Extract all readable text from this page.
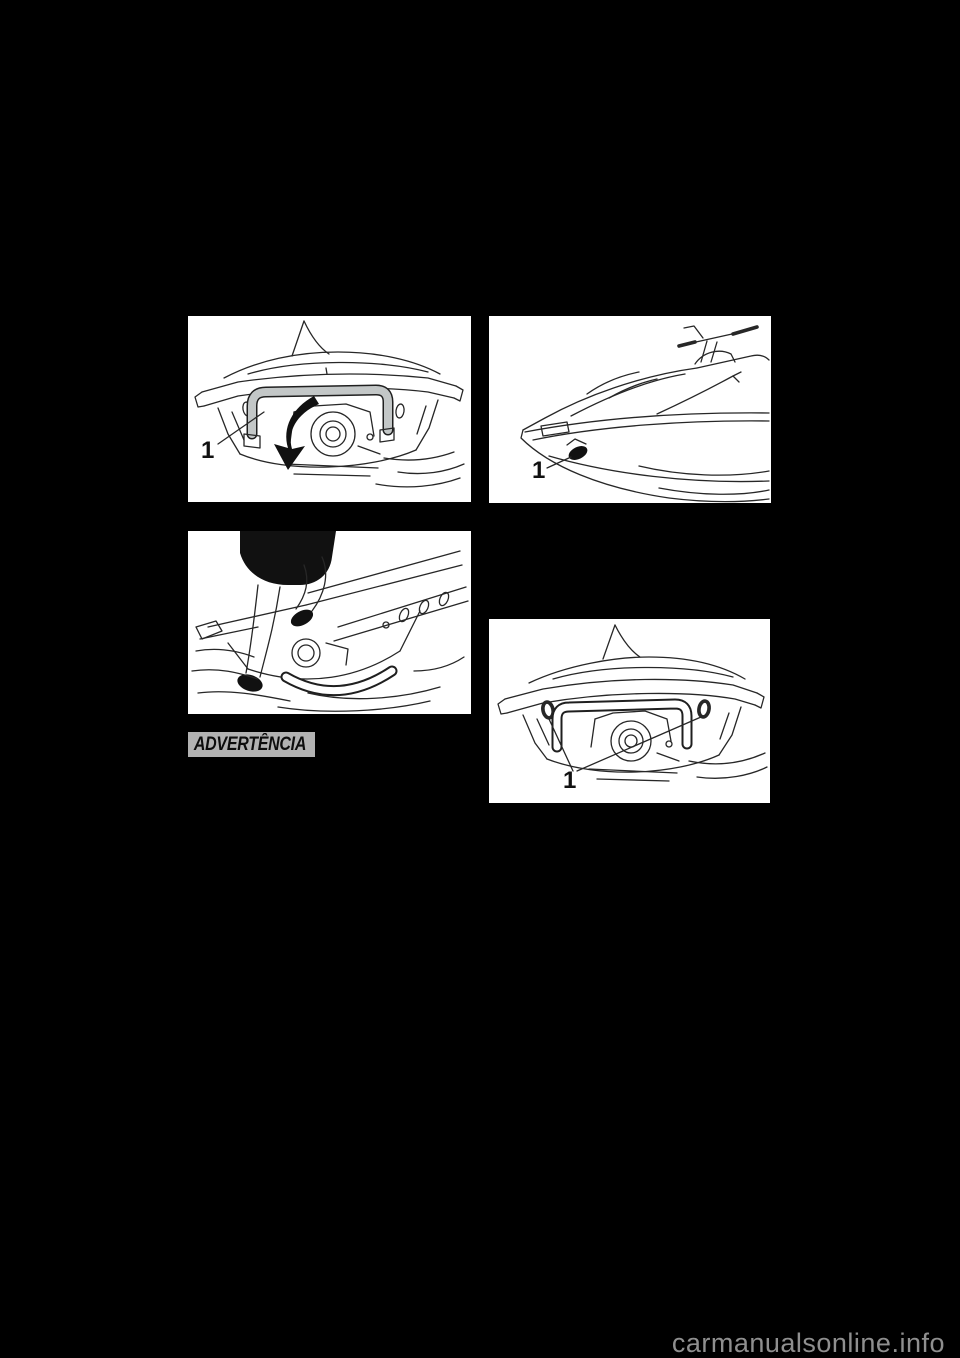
1
1
1
ADVERTÊNCIA
carmanualsonline.info
